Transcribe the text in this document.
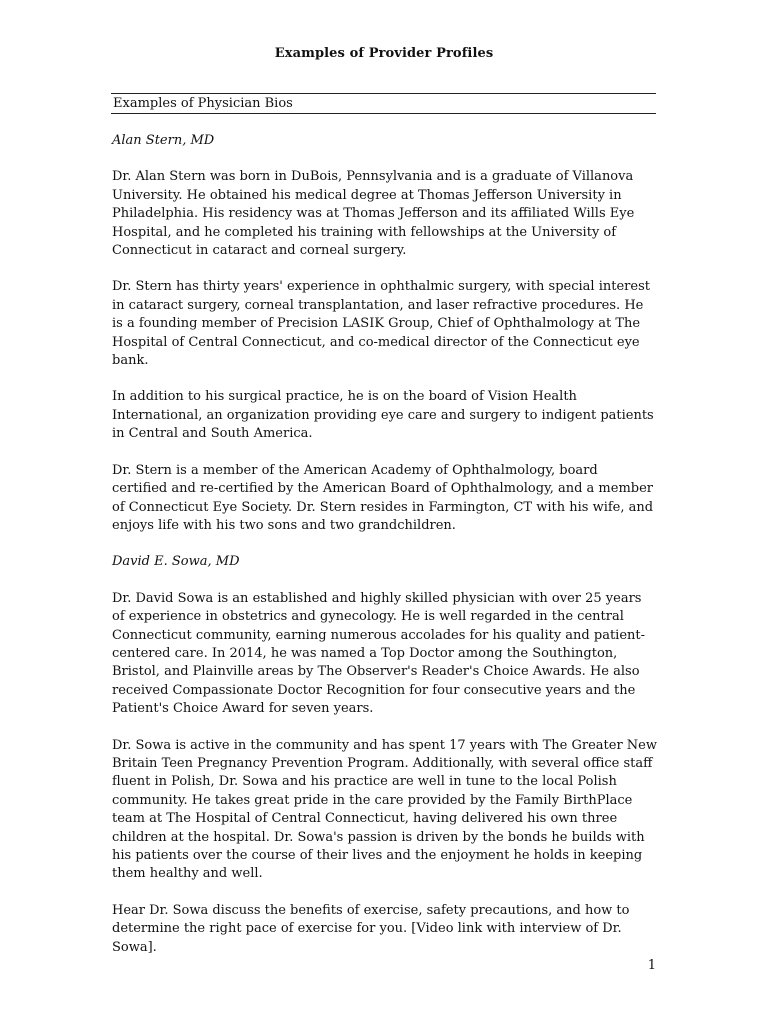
Examples of Provider Profiles
Examples of Physician Bios

Alan Stern, MD

Dr. Alan Stern was born in DuBois, Pennsylvania and is a graduate of Villanova University. He obtained his medical degree at Thomas Jefferson University in Philadelphia. His residency was at Thomas Jefferson and its affiliated Wills Eye Hospital, and he completed his training with fellowships at the University of Connecticut in cataract and corneal surgery.

Dr. Stern has thirty years' experience in ophthalmic surgery, with special interest in cataract surgery, corneal transplantation, and laser refractive procedures. He is a founding member of Precision LASIK Group, Chief of Ophthalmology at The Hospital of Central Connecticut, and co-medical director of the Connecticut eye bank.

In addition to his surgical practice, he is on the board of Vision Health International, an organization providing eye care and surgery to indigent patients in Central and South America.

Dr. Stern is a member of the American Academy of Ophthalmology, board certified and re-certified by the American Board of Ophthalmology, and a member of Connecticut Eye Society. Dr. Stern resides in Farmington, CT with his wife, and enjoys life with his two sons and two grandchildren.

David E. Sowa, MD

Dr. David Sowa is an established and highly skilled physician with over 25 years of experience in obstetrics and gynecology. He is well regarded in the central Connecticut community, earning numerous accolades for his quality and patient-centered care. In 2014, he was named a Top Doctor among the Southington, Bristol, and Plainville areas by The Observer's Reader's Choice Awards. He also received Compassionate Doctor Recognition for four consecutive years and the Patient's Choice Award for seven years.

Dr. Sowa is active in the community and has spent 17 years with The Greater New Britain Teen Pregnancy Prevention Program. Additionally, with several office staff fluent in Polish, Dr. Sowa and his practice are well in tune to the local Polish community. He takes great pride in the care provided by the Family BirthPlace team at The Hospital of Central Connecticut, having delivered his own three children at the hospital. Dr. Sowa's passion is driven by the bonds he builds with his patients over the course of their lives and the enjoyment he holds in keeping them healthy and well.

Hear Dr. Sowa discuss the benefits of exercise, safety precautions, and how to determine the right pace of exercise for you. [Video link with interview of Dr. Sowa].

1
